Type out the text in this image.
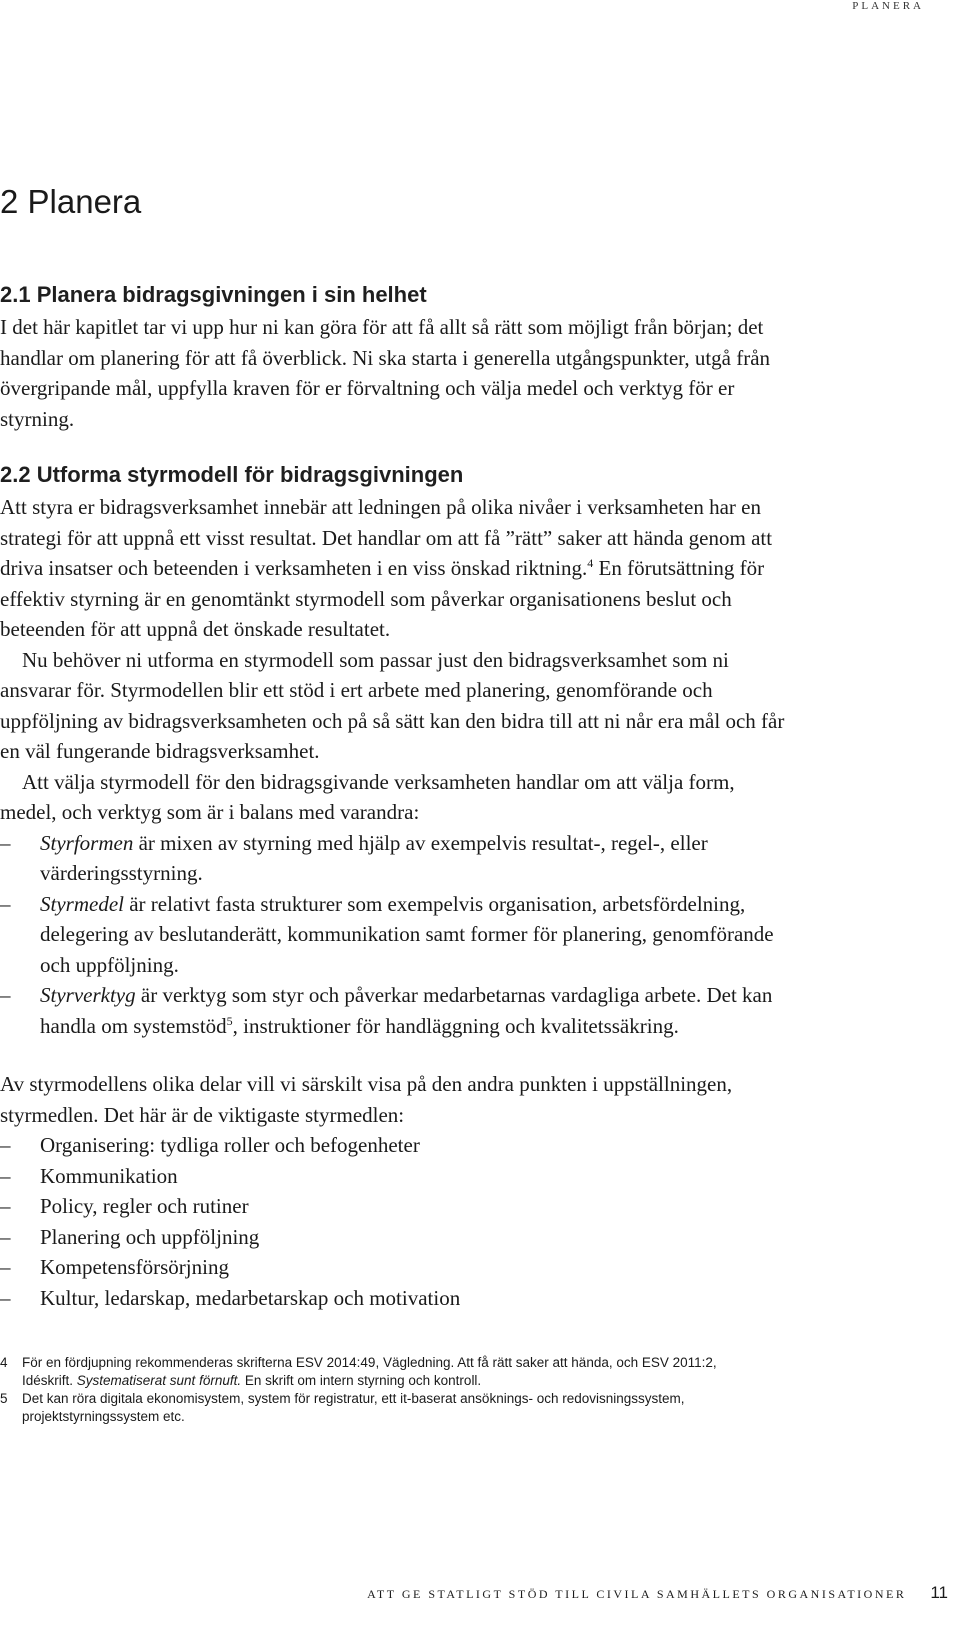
PLANERA
2 Planera
2.1 Planera bidragsgivningen i sin helhet

I det här kapitlet tar vi upp hur ni kan göra för att få allt så rätt som möjligt från början; det handlar om planering för att få överblick. Ni ska starta i generella utgångspunkter, utgå från övergripande mål, uppfylla kraven för er förvaltning och välja medel och verktyg för er styrning.

2.2 Utforma styrmodell för bidragsgivningen

Att styra er bidragsverksamhet innebär att ledningen på olika nivåer i verksamheten har en strategi för att uppnå ett visst resultat. Det handlar om att få ”rätt” saker att hända genom att driva insatser och beteenden i verksamheten i en viss önskad riktning.$^4$ En förutsättning för effektiv styrning är en genomtänkt styrmodell som påverkar organisationens beslut och beteenden för att uppnå det önskade resultatet.

Nu behöver ni utforma en styrmodell som passar just den bidragsverksamhet som ni ansvarar för. Styrmodellen blir ett stöd i ert arbete med planering, genomförande och uppföljning av bidragsverksamheten och på så sätt kan den bidra till att ni når era mål och får en väl fungerande bidragsverksamhet.

Att välja styrmodell för den bidragsgivande verksamheten handlar om att välja form, medel, och verktyg som är i balans med varandra:

–	Styrformen är mixen av styrning med hjälp av exempelvis resultat-, regel-, eller värderingsstyrning.
–	Styrmedel är relativt fasta strukturer som exempelvis organisation, arbetsfördelning, delegering av beslutanderätt, kommunikation samt former för planering, genomförande och uppföljning.
–	Styrverktyg är verktyg som styr och påverkar medarbetarnas vardagliga arbete. Det kan handla om systemstöd$^5$, instruktioner för handläggning och kvalitetssäkring.

Av styrmodellens olika delar vill vi särskilt visa på den andra punkten i uppställningen, styrmedlen. Det här är de viktigaste styrmedlen:

–	Organisering: tydliga roller och befogenheter
–	Kommunikation
–	Policy, regler och rutiner
–	Planering och uppföljning
–	Kompetensförsörjning
–	Kultur, ledarskap, medarbetarskap och motivation
4	För en fördjupning rekommenderas skrifterna ESV 2014:49, Vägledning. Att få rätt saker att hända, och ESV 2011:2, Idéskrift. Systematiserat sunt förnuft. En skrift om intern styrning och kontroll.
5	Det kan röra digitala ekonomisystem, system för registratur, ett it-baserat ansöknings- och redovisningssystem, projektstyrningssystem etc.
ATT GE STATLIGT STÖD TILL CIVILA SAMHÄLLETS ORGANISATIONER 11
